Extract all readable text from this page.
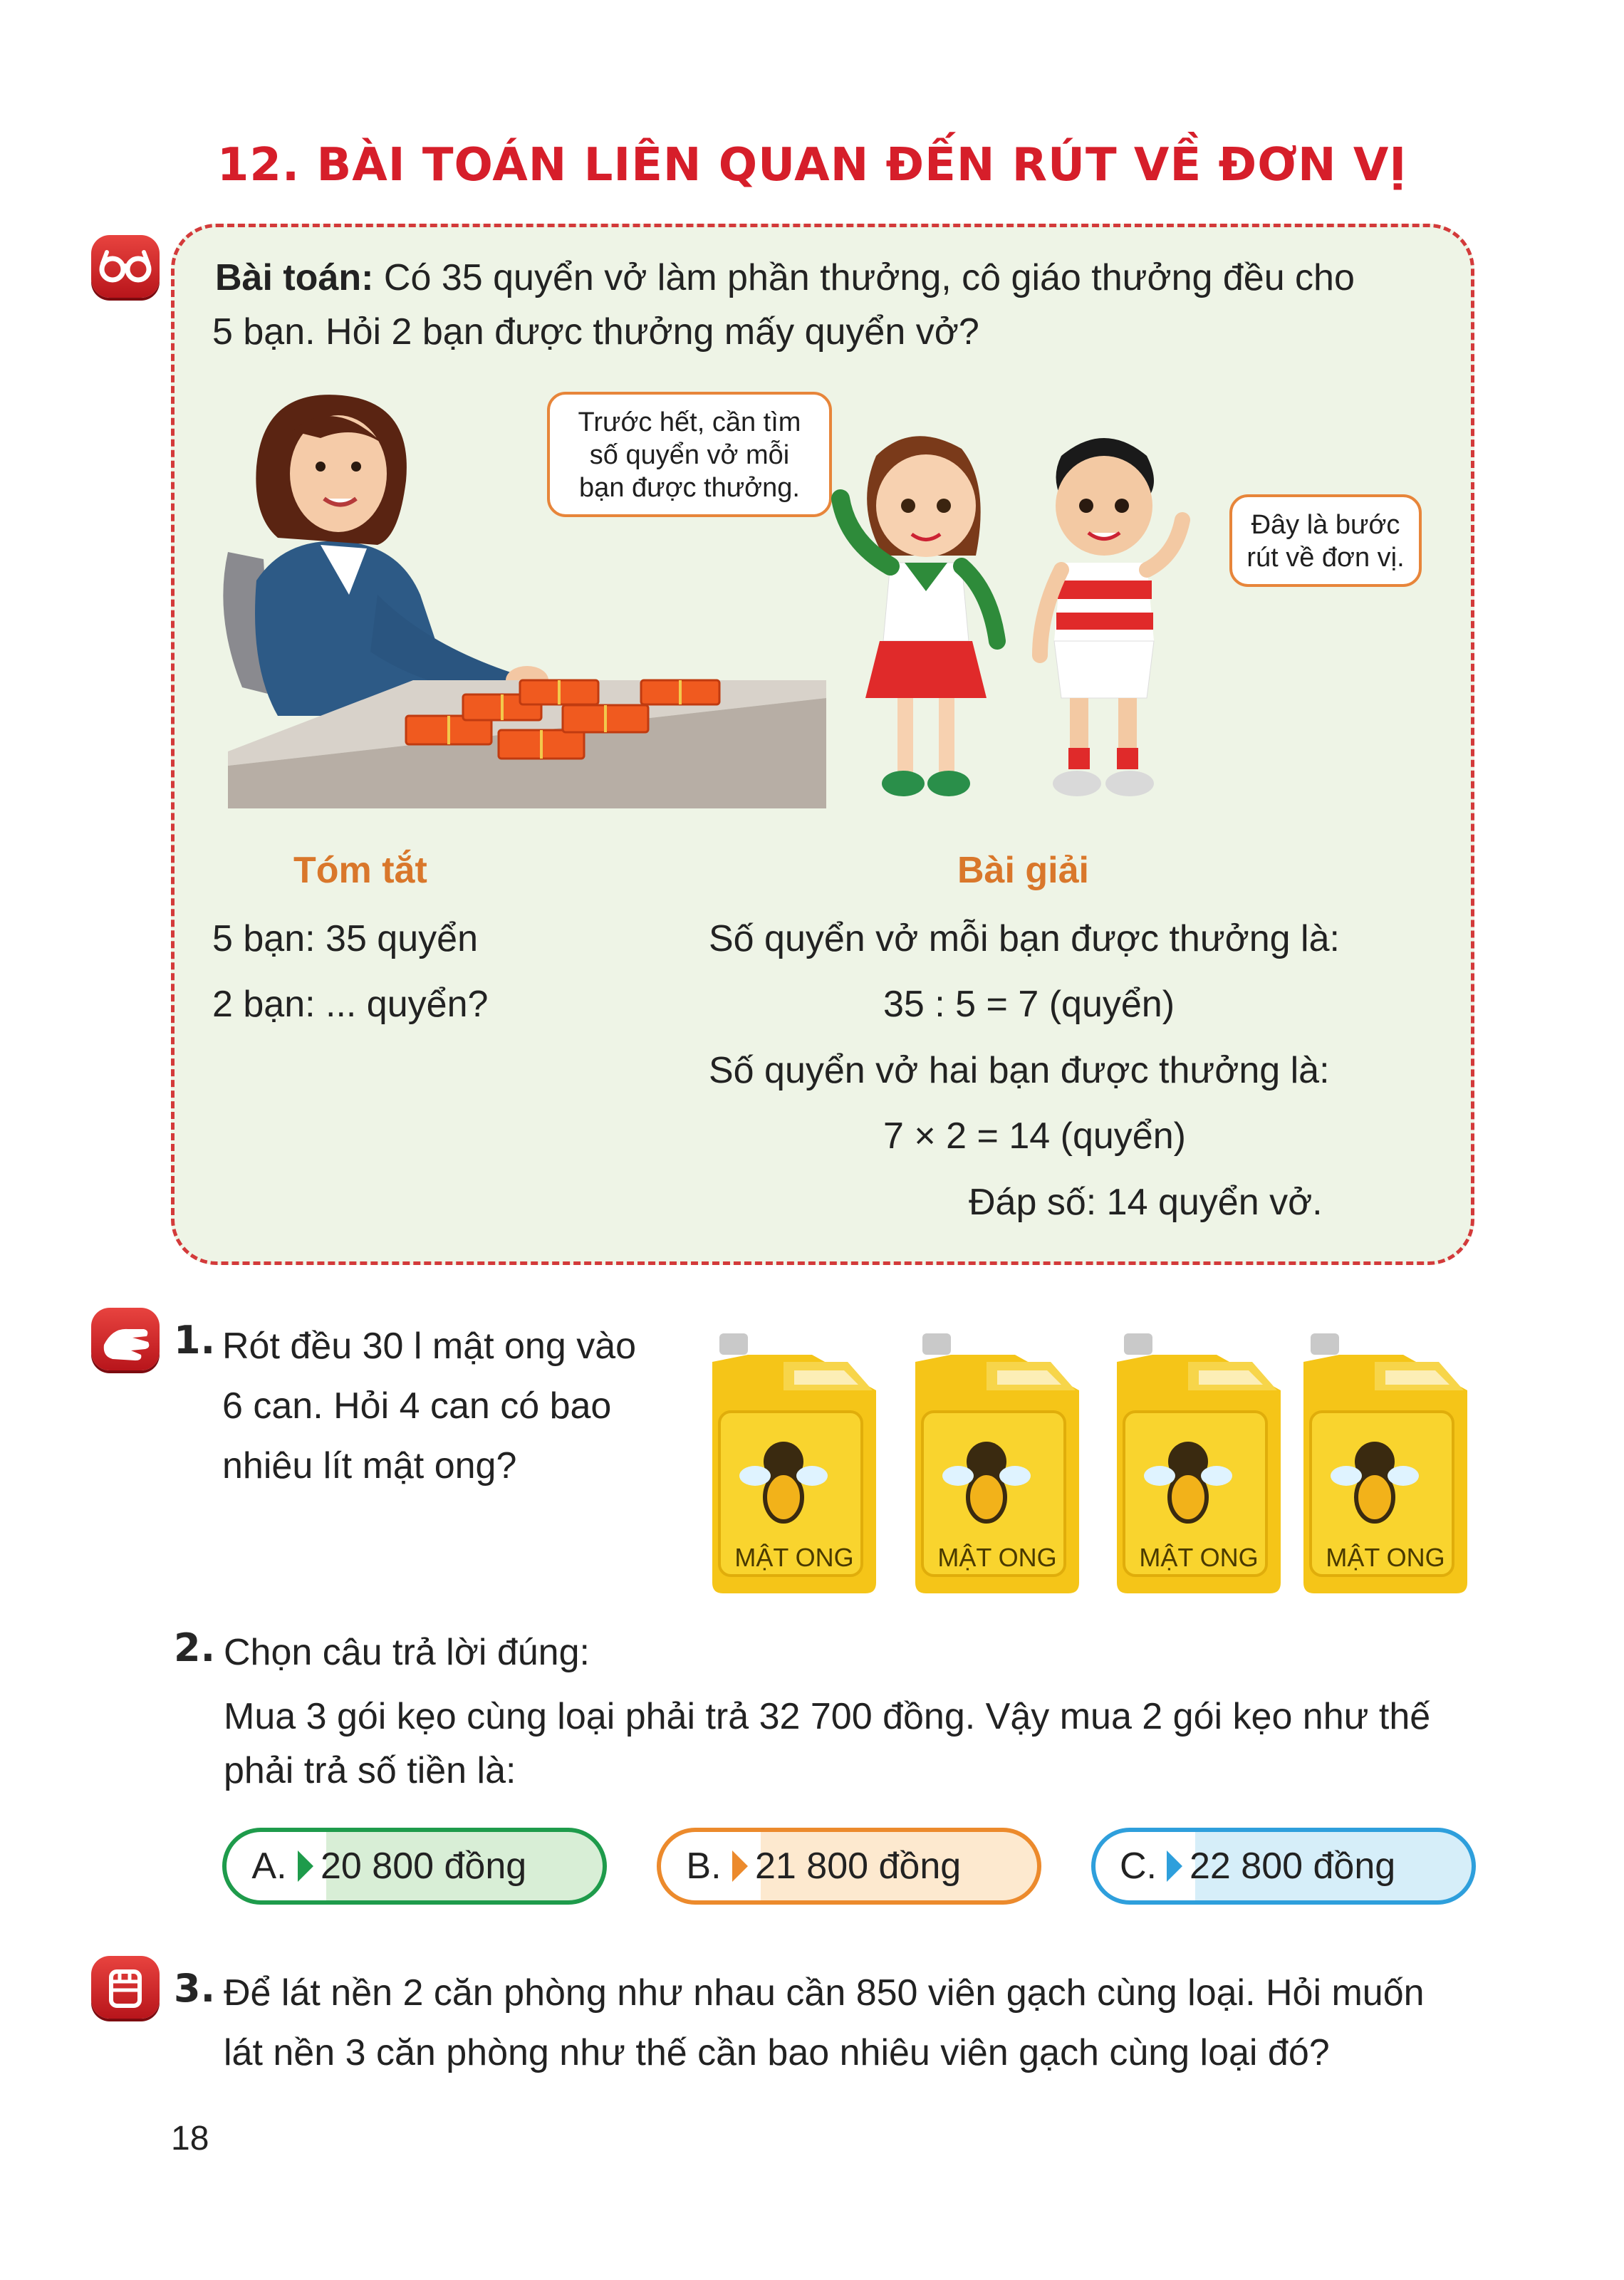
12. BÀI TOÁN LIÊN QUAN ĐẾN RÚT VỀ ĐƠN VỊ
Bài toán: Có 35 quyển vở làm phần thưởng, cô giáo thưởng đều cho
5 bạn. Hỏi 2 bạn được thưởng mấy quyển vở?
Trước hết, cần tìm
số quyển vở mỗi
bạn được thưởng.
Đây là bước
rút về đơn vị.
Tóm tắt	Bài giải
5 bạn: 35 quyển
2 bạn: ... quyển?
Số quyển vở mỗi bạn được thưởng là:
35 : 5 = 7 (quyển)
Số quyển vở hai bạn được thưởng là:
7 × 2 = 14 (quyển)
Đáp số: 14 quyển vở.
1. Rót đều 30 l mật ong vào
6 can. Hỏi 4 can có bao
nhiêu lít mật ong?
MẬT ONG	MẬT ONG	MẬT ONG	MẬT ONG
2. Chọn câu trả lời đúng:
Mua 3 gói kẹo cùng loại phải trả 32 700 đồng. Vậy mua 2 gói kẹo như thế
phải trả số tiền là:
A. 20 800 đồng	B. 21 800 đồng	C. 22 800 đồng
3. Để lát nền 2 căn phòng như nhau cần 850 viên gạch cùng loại. Hỏi muốn
lát nền 3 căn phòng như thế cần bao nhiêu viên gạch cùng loại đó?
18
